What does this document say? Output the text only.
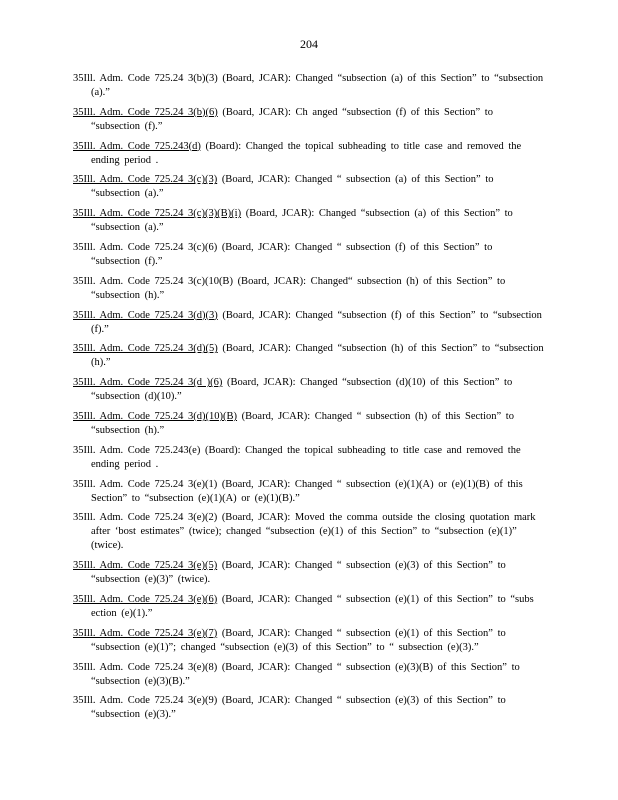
204

35Ill. Adm. Code 725.24 3(b)(3) (Board, JCAR): Changed “subsection (a) of this Section” to “subsection (a).”

35Ill. Adm. Code 725.24 3(b)(6) (Board, JCAR): Ch anged “subsection (f) of this Section” to “subsection (f).”

35Ill. Adm. Code 725.243(d) (Board): Changed the topical subheading to title case and removed the ending period .

35Ill. Adm. Code 725.24 3(c)(3) (Board, JCAR): Changed “ subsection (a) of this Section” to “subsection (a).”

35Ill. Adm. Code 725.24 3(c)(3)(B)(i) (Board, JCAR): Changed “subsection (a) of this Section” to “subsection (a).”

35Ill. Adm. Code 725.24 3(c)(6) (Board, JCAR): Changed “ subsection (f) of this Section” to “subsection (f).”

35Ill. Adm. Code 725.24 3(c)(10(B) (Board, JCAR): Changed“ subsection (h) of this Section” to “subsection (h).”

35Ill. Adm. Code 725.24 3(d)(3) (Board, JCAR): Changed “subsection (f) of this Section” to “subsection (f).”

35Ill. Adm. Code 725.24 3(d)(5) (Board, JCAR): Changed “subsection (h) of this Section” to “subsection (h).”

35Ill. Adm. Code 725.24 3(d )(6) (Board, JCAR): Changed “subsection (d)(10) of this Section” to “subsection (d)(10).”

35Ill. Adm. Code 725.24 3(d)(10)(B) (Board, JCAR): Changed “ subsection (h) of this Section” to “subsection (h).”

35Ill. Adm. Code 725.243(e) (Board): Changed the topical subheading to title case and removed the ending period .

35Ill. Adm. Code 725.24 3(e)(1) (Board, JCAR): Changed “ subsection (e)(1)(A) or (e)(1)(B) of this Section” to “subsection (e)(1)(A) or (e)(1)(B).”

35Ill. Adm. Code 725.24 3(e)(2) (Board, JCAR): Moved the comma outside the closing quotation mark after ‘bost estimates” (twice); changed “subsection (e)(1) of this Section” to “subsection (e)(1)” (twice).

35Ill. Adm. Code 725.24 3(e)(5) (Board, JCAR): Changed “ subsection (e)(3) of this Section” to “subsection (e)(3)” (twice).

35Ill. Adm. Code 725.24 3(e)(6) (Board, JCAR): Changed “ subsection (e)(1) of this Section” to “subs ection (e)(1).”

35Ill. Adm. Code 725.24 3(e)(7) (Board, JCAR): Changed “ subsection (e)(1) of this Section” to “subsection (e)(1)”; changed “subsection (e)(3) of this Section” to “ subsection (e)(3).”

35Ill. Adm. Code 725.24 3(e)(8) (Board, JCAR): Changed “ subsection (e)(3)(B) of this Section” to “subsection (e)(3)(B).”

35Ill. Adm. Code 725.24 3(e)(9) (Board, JCAR): Changed “ subsection (e)(3) of this Section” to “subsection (e)(3).”
